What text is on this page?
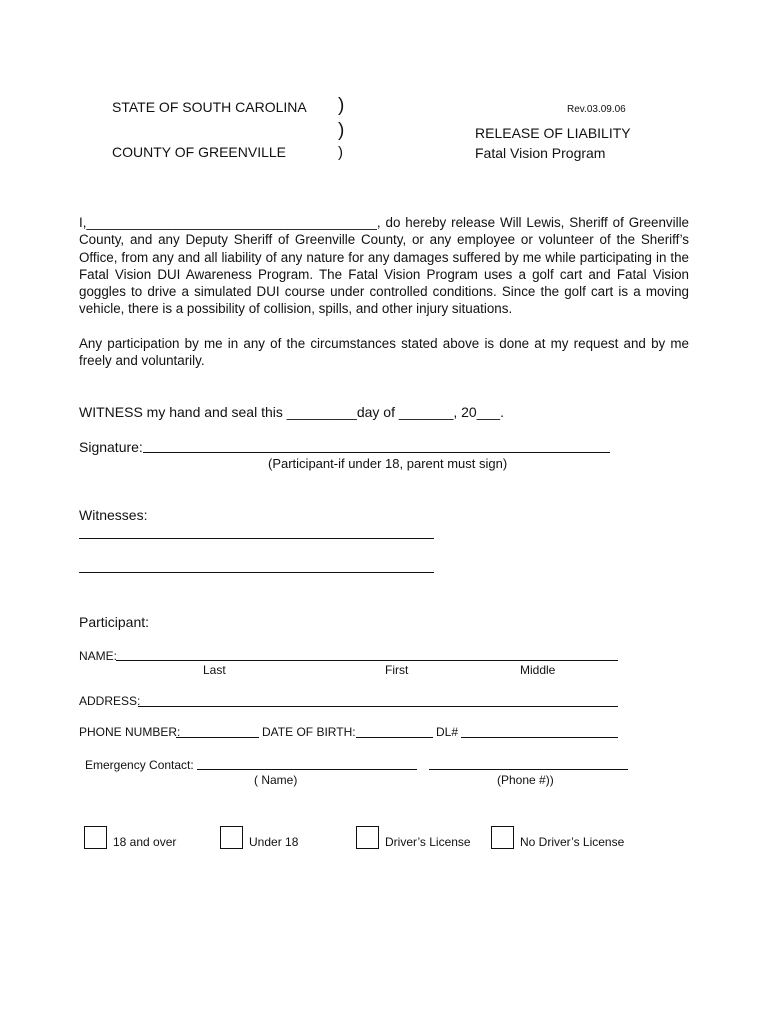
STATE OF SOUTH CAROLINA
COUNTY OF GREENVILLE
)
)
)
Rev.03.09.06
RELEASE OF LIABILITY
Fatal Vision Program
I,_______________________________________, do hereby release Will Lewis, Sheriff of Greenville County, and any Deputy Sheriff of Greenville County, or any employee or volunteer of the Sheriff’s Office, from any and all liability of any nature for any damages suffered by me while participating in the Fatal Vision DUI Awareness Program. The Fatal Vision Program uses a golf cart and Fatal Vision goggles to drive a simulated DUI course under controlled conditions. Since the golf cart is a moving vehicle, there is a possibility of collision, spills, and other injury situations.
Any participation by me in any of the circumstances stated above is done at my request and by me freely and voluntarily.
WITNESS my hand and seal this _________day of _______, 20___.
Signature:
(Participant-if under 18, parent must sign)
Witnesses:
Participant:
NAME:
Last	First	Middle
ADDRESS:
PHONE NUMBER:	DATE OF BIRTH:	DL#
Emergency Contact:
( Name)	(Phone #))
18 and over	Under 18	Driver’s License	No Driver’s License
